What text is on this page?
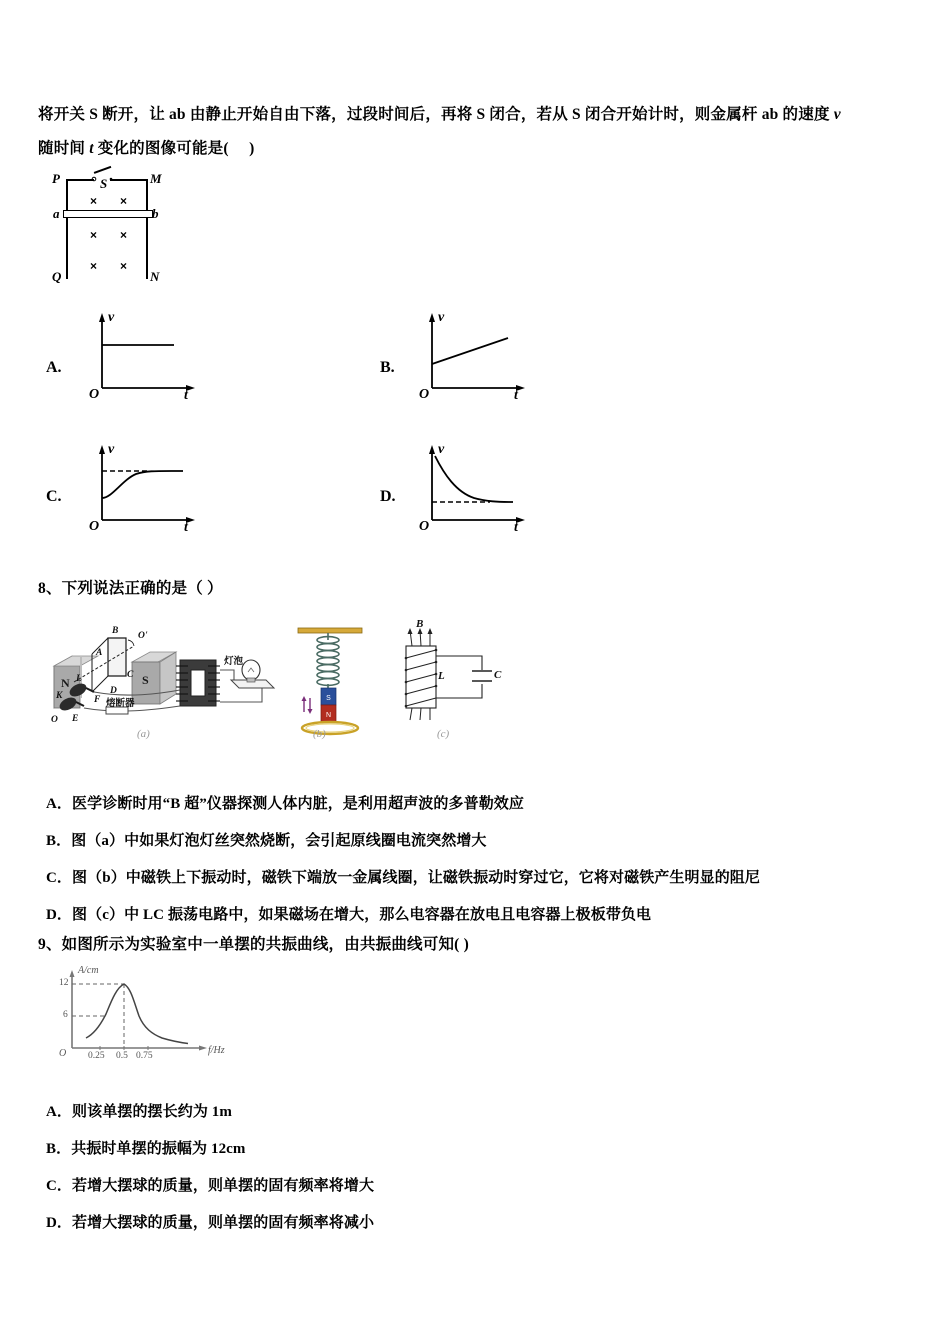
将开关 S 断开，让 ab 由静止开始自由下落，过段时间后，再将 S 闭合，若从 S 闭合开始计时，则金属杆 ab 的速度 v
随时间 t 变化的图像可能是(     )
× ×
× ×
× ×
P	M
Q	N
a	b
S
A.
v
t
O
B.
v
t
O
C.
v
t
O
D.
v
t
O
8、下列说法正确的是（ ）
N	S
A
B
C
D
O'
O
K
L
E
F 熔断器
灯泡
(a)
S
N
(b)
B
L	C
(c)
A．医学诊断时用“B 超”仪器探测人体内脏，是利用超声波的多普勒效应
B．图（a）中如果灯泡灯丝突然烧断，会引起原线圈电流突然增大
C．图（b）中磁铁上下振动时，磁铁下端放一金属线圈，让磁铁振动时穿过它，它将对磁铁产生明显的阻尼
D．图（c）中 LC 振荡电路中，如果磁场在增大，那么电容器在放电且电容器上极板带负电
9、如图所示为实验室中一单摆的共振曲线，由共振曲线可知( )
A/cm
f/Hz
O
12
6
0.25 0.5 0.75
A．则该单摆的摆长约为 1m
B．共振时单摆的振幅为 12cm
C．若增大摆球的质量，则单摆的固有频率将增大
D．若增大摆球的质量，则单摆的固有频率将减小
